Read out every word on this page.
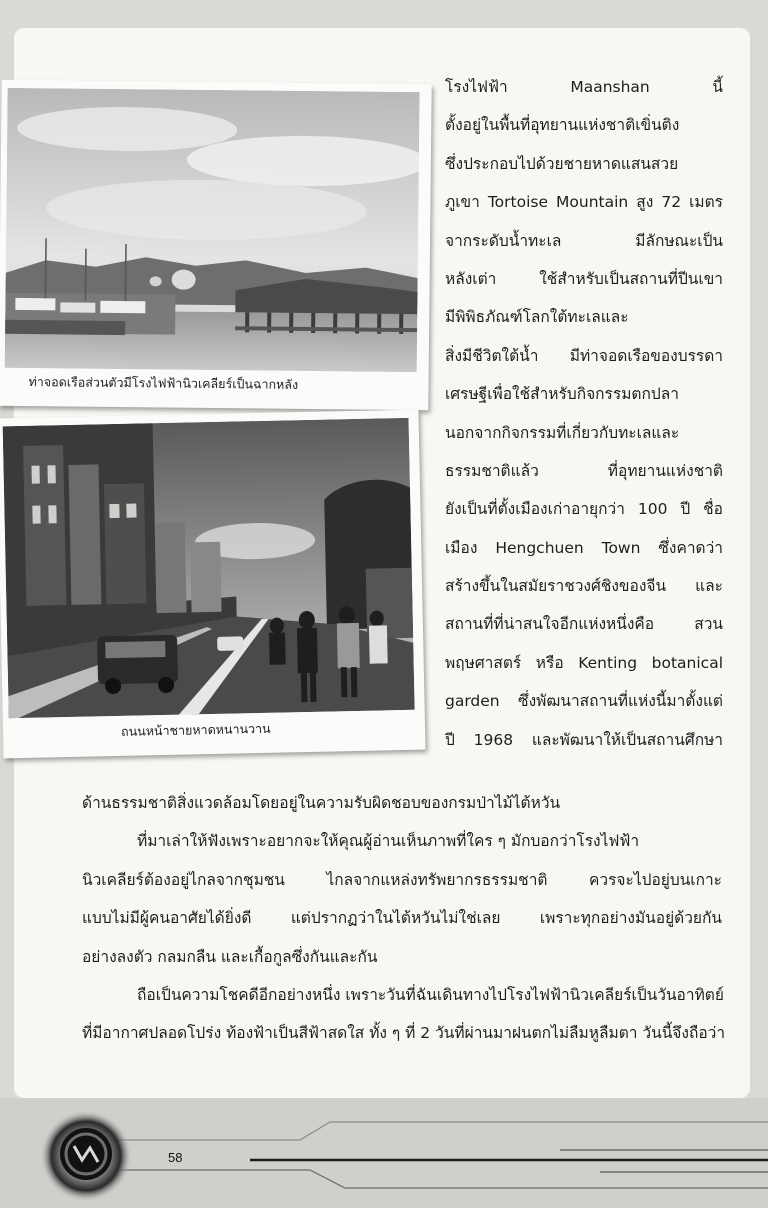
ท่าจอดเรือส่วนตัวมีโรงไฟฟ้านิวเคลียร์เป็นฉากหลัง
ถนนหน้าชายหาดหนานวาน
โรงไฟฟ้า Maanshan นี้
ตั้งอยู่ในพื้นที่อุทยานแห่งชาติเขิ่นติง
ซึ่งประกอบไปด้วยชายหาดแสนสวย
ภูเขา Tortoise Mountain สูง 72 เมตร
จากระดับน้ำทะเล มีลักษณะเป็น
หลังเต่า ใช้สำหรับเป็นสถานที่ปีนเขา
มีพิพิธภัณฑ์โลกใต้ทะเลและ
สิ่งมีชีวิตใต้น้ำ มีท่าจอดเรือของบรรดา
เศรษฐีเพื่อใช้สำหรับกิจกรรมตกปลา
นอกจากกิจกรรมที่เกี่ยวกับทะเลและ
ธรรมชาติแล้ว ที่อุทยานแห่งชาติ
ยังเป็นที่ตั้งเมืองเก่าอายุกว่า 100 ปี ชื่อ
เมือง Hengchuen Town ซึ่งคาดว่า
สร้างขึ้นในสมัยราชวงศ์ชิงของจีน และ
สถานที่ที่น่าสนใจอีกแห่งหนึ่งคือ สวน
พฤษศาสตร์ หรือ Kenting botanical
garden ซึ่งพัฒนาสถานที่แห่งนี้มาตั้งแต่
ปี 1968 และพัฒนาให้เป็นสถานศึกษา
ด้านธรรมชาติสิ่งแวดล้อมโดยอยู่ในความรับผิดชอบของกรมป่าไม้ไต้หวัน
ที่มาเล่าให้ฟังเพราะอยากจะให้คุณผู้อ่านเห็นภาพที่ใคร ๆ มักบอกว่าโรงไฟฟ้า
นิวเคลียร์ต้องอยู่ไกลจากชุมชน ไกลจากแหล่งทรัพยากรธรรมชาติ ควรจะไปอยู่บนเกาะ
แบบไม่มีผู้คนอาศัยได้ยิ่งดี แต่ปรากฏว่าในไต้หวันไม่ใช่เลย เพราะทุกอย่างมันอยู่ด้วยกัน
อย่างลงตัว กลมกลืน และเกื้อกูลซึ่งกันและกัน
ถือเป็นความโชคดีอีกอย่างหนึ่ง เพราะวันที่ฉันเดินทางไปโรงไฟฟ้านิวเคลียร์เป็นวันอาทิตย์
ที่มีอากาศปลอดโปร่ง ท้องฟ้าเป็นสีฟ้าสดใส ทั้ง ๆ ที่ 2 วันที่ผ่านมาฝนตกไม่ลืมหูลืมตา วันนี้จึงถือว่า
58
